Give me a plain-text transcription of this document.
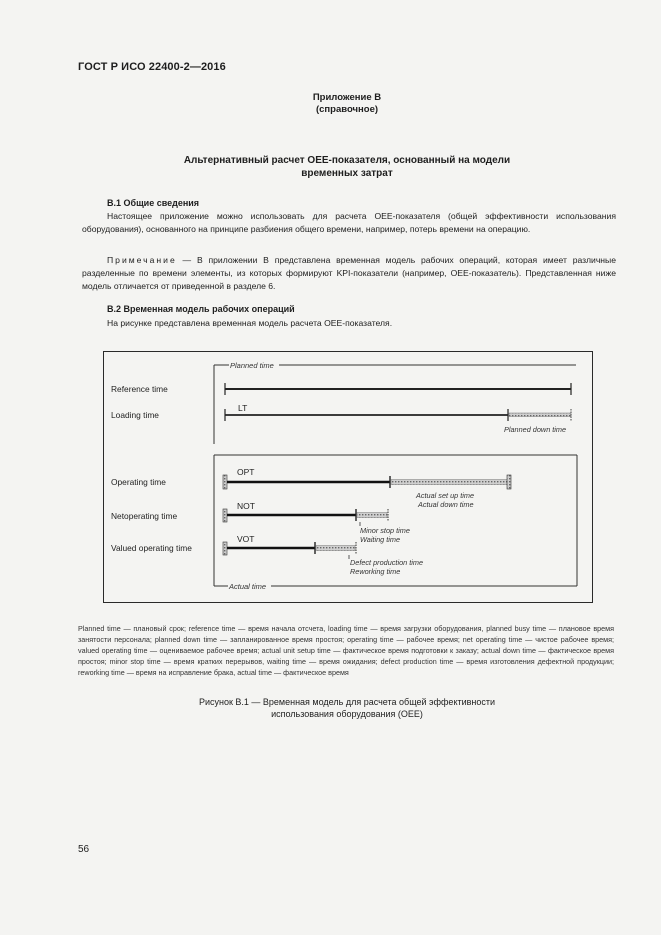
ГОСТ Р ИСО 22400-2—2016
Приложение В
(справочное)
Альтернативный расчет ОЕЕ-показателя, основанный на модели
временных затрат
В.1 Общие сведения
Настоящее приложение можно использовать для расчета ОЕЕ-показателя (общей эффективности использования оборудования), основанного на принципе разбиения общего времени, например, потерь времени на операцию.
Примечание — В приложении В представлена временная модель рабочих операций, которая имеет различные разделенные по времени элементы, из которых формируют KPI-показатели (например, ОЕЕ-показатель). Представленная ниже модель отличается от приведенной в разделе 6.
В.2 Временная модель рабочих операций
На рисунке представлена временная модель расчета ОЕЕ-показателя.
Planned time
Reference time
Loading time
Operating time
Netoperating time
Valued operating time
LT
Planned down time
Actual time
OPT
Actual set up time
Actual down time
NOT
Minor stop time
Waiting time
VOT
Defect production time
Reworking time
Planned time — плановый срок; reference time — время начала отсчета, loading time — время загрузки оборудования, planned busy time — плановое время занятости персонала; planned down time — запланированное время простоя; operating time — рабочее время; net operating time — чистое рабочее время; valued operating time — оцениваемое рабочее время; actual unit setup time — фактическое время подготовки к заказу; actual down time — фактическое время простоя; minor stop time — время кратких перерывов, waiting time — время ожидания; defect production time — время изготовления дефектной продукции; reworking time — время на исправление брака, actual time — фактическое время
Рисунок В.1 — Временная модель для расчета общей эффективности
использования оборудования (ОЕЕ)
56
